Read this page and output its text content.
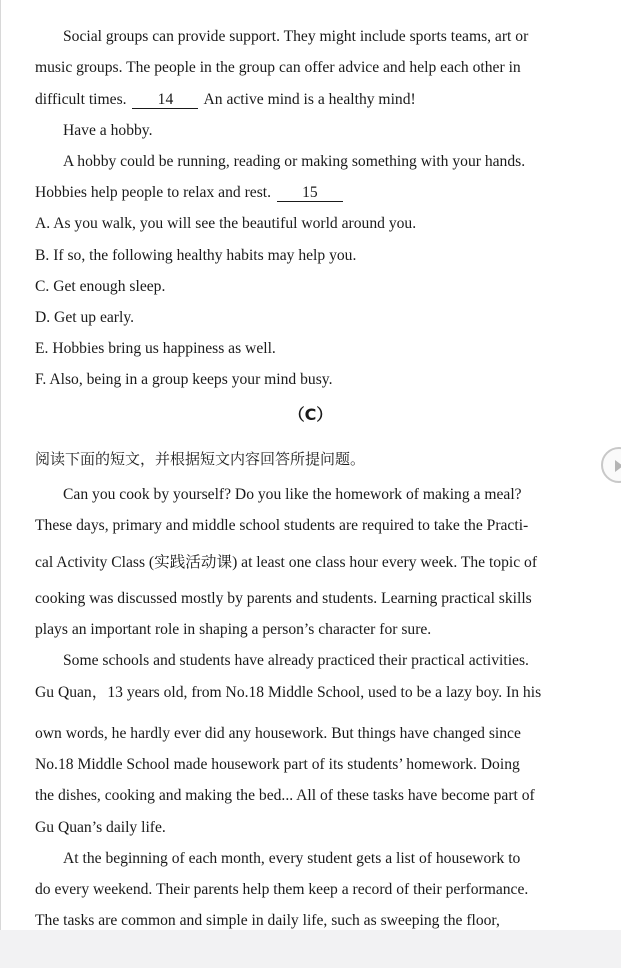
Social groups can provide support. They might include sports teams, art or
music groups. The people in the group can offer advice and help each other in
difficult times. 14 An active mind is a healthy mind!
Have a hobby.
A hobby could be running, reading or making something with your hands.
Hobbies help people to relax and rest. 15
A. As you walk, you will see the beautiful world around you.
B. If so, the following healthy habits may help you.
C. Get enough sleep.
D. Get up early.
E. Hobbies bring us happiness as well.
F. Also, being in a group keeps your mind busy.
（C）
阅读下面的短文，并根据短文内容回答所提问题。
Can you cook by yourself? Do you like the homework of making a meal?
These days, primary and middle school students are required to take the Practi-
cal Activity Class (实践活动课) at least one class hour every week. The topic of
cooking was discussed mostly by parents and students. Learning practical skills
plays an important role in shaping a person’s character for sure.
Some schools and students have already practiced their practical activities.
Gu Quan，13 years old, from No.18 Middle School, used to be a lazy boy. In his
own words, he hardly ever did any housework. But things have changed since
No.18 Middle School made housework part of its students’ homework. Doing
the dishes, cooking and making the bed... All of these tasks have become part of
Gu Quan’s daily life.
At the beginning of each month, every student gets a list of housework to
do every weekend. Their parents help them keep a record of their performance.
The tasks are common and simple in daily life, such as sweeping the floor,
